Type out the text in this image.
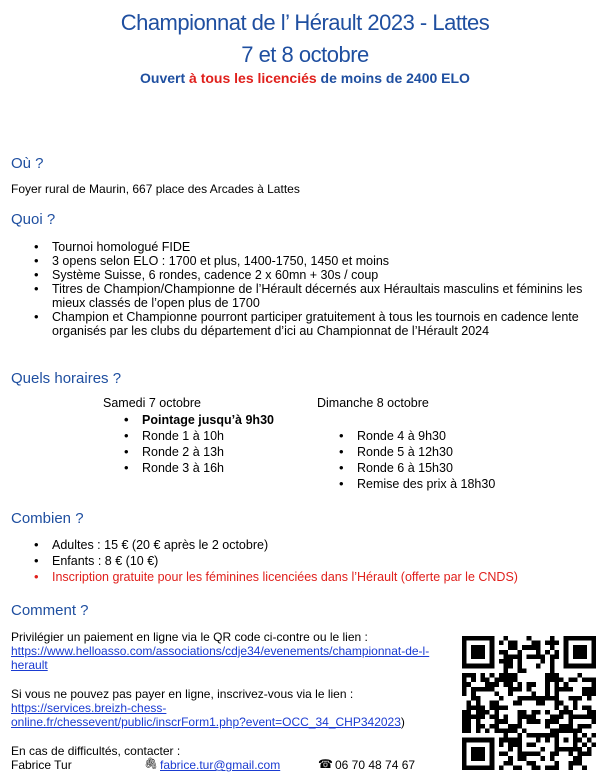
Championnat de l’ Hérault 2023 - Lattes
7 et 8 octobre
Ouvert à tous les licenciés de moins de 2400 ELO
Où ?
Foyer rural de Maurin, 667 place des Arcades à Lattes
Quoi ?
• Tournoi homologué FIDE
• 3 opens selon ELO : 1700 et plus, 1400-1750, 1450 et moins
• Système Suisse, 6 rondes, cadence 2 x 60mn + 30s / coup
• Titres de Champion/Championne de l’Hérault décernés aux Héraultais masculins et féminins les mieux classés de l’open plus de 1700
• Champion et Championne pourront participer gratuitement à tous les tournois en cadence lente organisés par les clubs du département d’ici au Championnat de l’Hérault 2024
Quels horaires ?
Samedi 7 octobre
• Pointage jusqu’à 9h30
• Ronde 1 à 10h
• Ronde 2 à 13h
• Ronde 3 à 16h
Dimanche 8 octobre
• Ronde 4 à 9h30
• Ronde 5 à 12h30
• Ronde 6 à 15h30
• Remise des prix à 18h30
Combien ?
• Adultes : 15 € (20 € après le 2 octobre)
• Enfants : 8 € (10 €)
• Inscription gratuite pour les féminines licenciées dans l’Hérault (offerte par le CNDS)
Comment ?
Privilégier un paiement en ligne via le QR code ci-contre ou le lien :
https://www.helloasso.com/associations/cdje34/evenements/championnat-de-l-
herault
Si vous ne pouvez pas payer en ligne, inscrivez-vous via le lien :
https://services.breizh-chess-
online.fr/chessevent/public/inscrForm1.php?event=OCC_34_CHP342023)
En cas de difficultés, contacter :
Fabrice Tur	🖇 fabrice.tur@gmail.com	☎ 06 70 48 74 67
